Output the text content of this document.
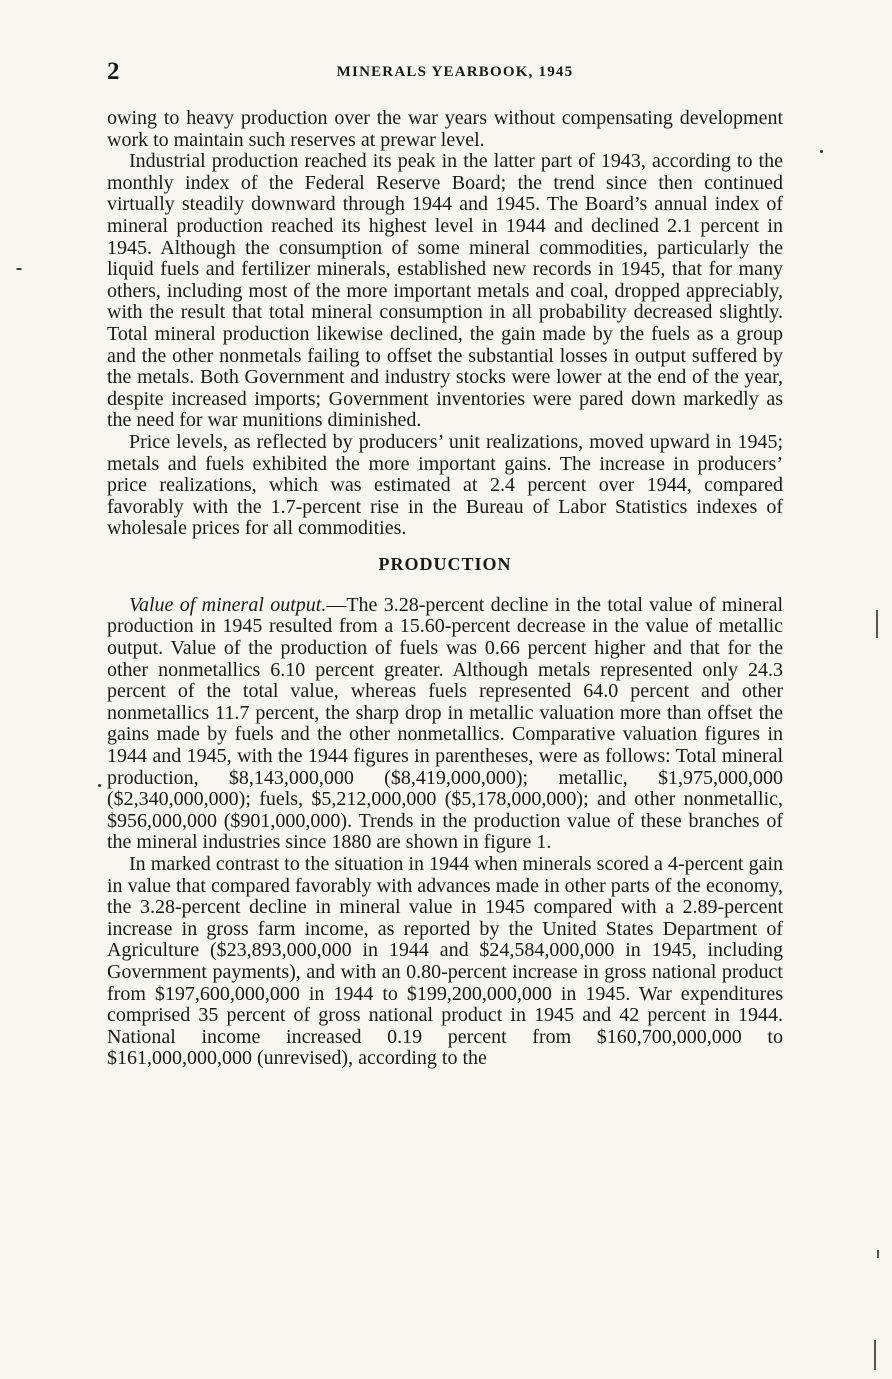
2	MINERALS YEARBOOK, 1945

owing to heavy production over the war years without compensating development work to maintain such reserves at prewar level.

Industrial production reached its peak in the latter part of 1943, according to the monthly index of the Federal Reserve Board; the trend since then continued virtually steadily downward through 1944 and 1945. The Board’s annual index of mineral production reached its highest level in 1944 and declined 2.1 percent in 1945. Although the consumption of some mineral commodities, particularly the liquid fuels and fertilizer minerals, established new records in 1945, that for many others, including most of the more important metals and coal, dropped appreciably, with the result that total mineral consumption in all probability decreased slightly. Total mineral production likewise declined, the gain made by the fuels as a group and the other nonmetals failing to offset the substantial losses in output suffered by the metals. Both Government and industry stocks were lower at the end of the year, despite increased imports; Government inventories were pared down markedly as the need for war munitions diminished.

Price levels, as reflected by producers’ unit realizations, moved upward in 1945; metals and fuels exhibited the more important gains. The increase in producers’ price realizations, which was estimated at 2.4 percent over 1944, compared favorably with the 1.7-percent rise in the Bureau of Labor Statistics indexes of wholesale prices for all commodities.

PRODUCTION

Value of mineral output.—The 3.28-percent decline in the total value of mineral production in 1945 resulted from a 15.60-percent decrease in the value of metallic output. Value of the production of fuels was 0.66 percent higher and that for the other nonmetallics 6.10 percent greater. Although metals represented only 24.3 percent of the total value, whereas fuels represented 64.0 percent and other nonmetallics 11.7 percent, the sharp drop in metallic valuation more than offset the gains made by fuels and the other nonmetallics. Comparative valuation figures in 1944 and 1945, with the 1944 figures in parentheses, were as follows: Total mineral production, $8,143,000,000 ($8,419,000,000); metallic, $1,975,000,000 ($2,340,000,000); fuels, $5,212,000,000 ($5,178,000,000); and other nonmetallic, $956,000,000 ($901,000,000). Trends in the production value of these branches of the mineral industries since 1880 are shown in figure 1.

In marked contrast to the situation in 1944 when minerals scored a 4-percent gain in value that compared favorably with advances made in other parts of the economy, the 3.28-percent decline in mineral value in 1945 compared with a 2.89-percent increase in gross farm income, as reported by the United States Department of Agriculture ($23,893,000,000 in 1944 and $24,584,000,000 in 1945, including Government payments), and with an 0.80-percent increase in gross national product from $197,600,000,000 in 1944 to $199,200,000,000 in 1945. War expenditures comprised 35 percent of gross national product in 1945 and 42 percent in 1944. National income increased 0.19 percent from $160,700,000,000 to $161,000,000,000 (unrevised), according to the
